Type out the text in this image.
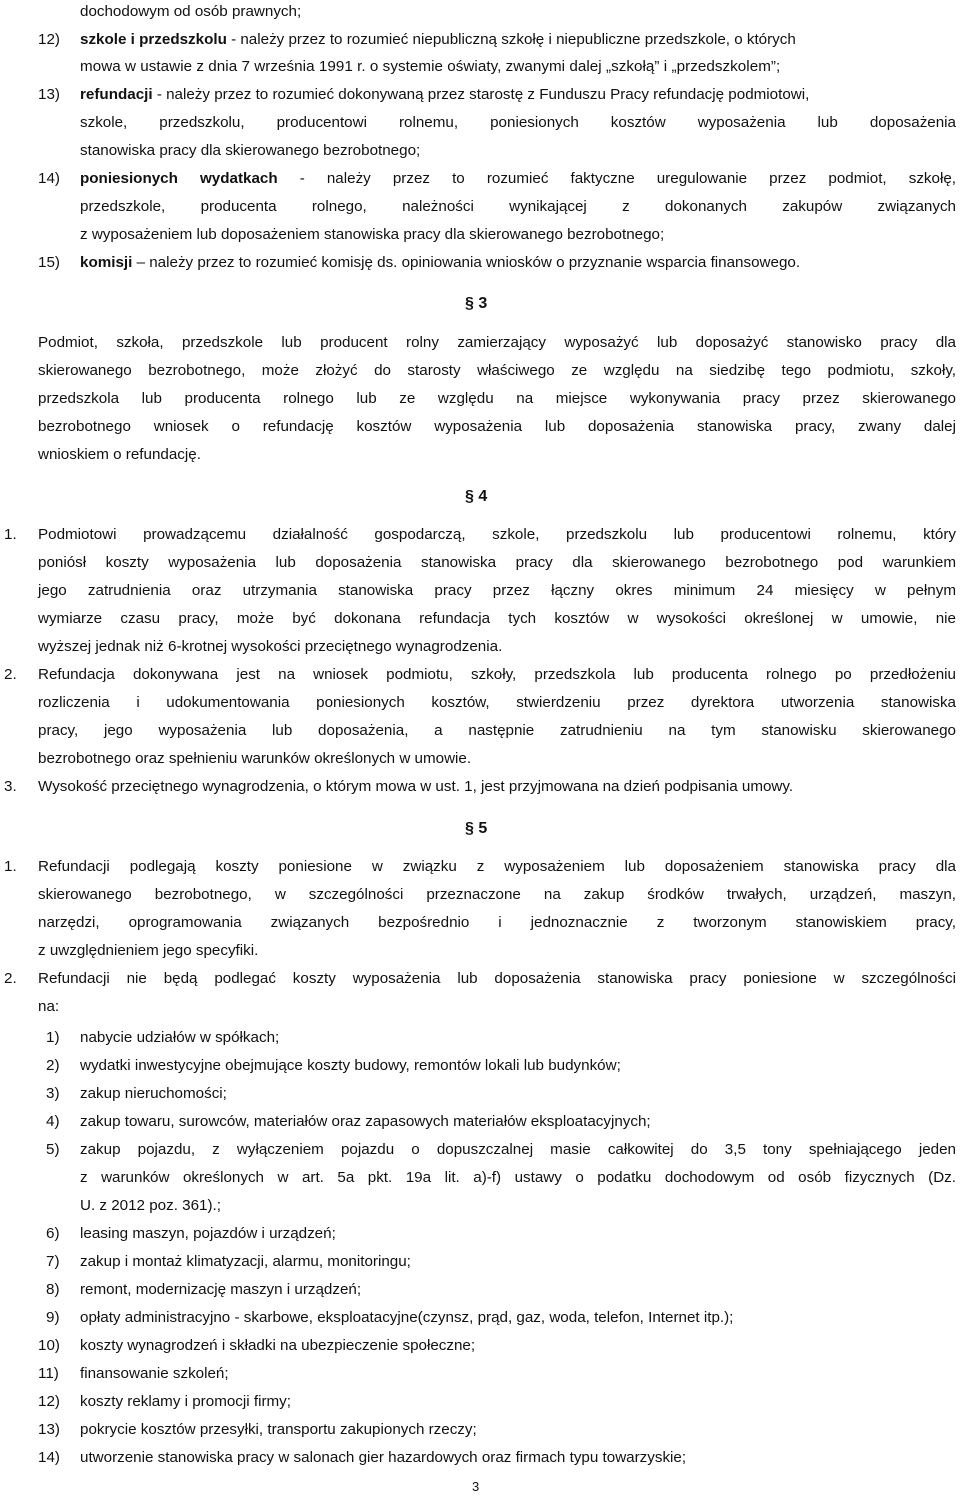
dochodowym od osób prawnych;
12) szkole i przedszkolu - należy przez to rozumieć niepubliczną szkołę i niepubliczne przedszkole, o których
mowa w ustawie z dnia 7 września 1991 r. o systemie oświaty, zwanymi dalej „szkołą” i „przedszkolem”;
13) refundacji - należy przez to rozumieć dokonywaną przez starostę z Funduszu Pracy refundację podmiotowi,
szkole, przedszkolu, producentowi rolnemu, poniesionych kosztów wyposażenia lub doposażenia
stanowiska pracy dla skierowanego bezrobotnego;
14) poniesionych wydatkach - należy przez to rozumieć faktyczne uregulowanie przez podmiot, szkołę,
przedszkole, producenta rolnego, należności wynikającej z dokonanych zakupów związanych
z wyposażeniem lub doposażeniem stanowiska pracy dla skierowanego bezrobotnego;
15) komisji – należy przez to rozumieć komisję ds. opiniowania wniosków o przyznanie wsparcia finansowego.
§ 3
Podmiot, szkoła, przedszkole lub producent rolny zamierzający wyposażyć lub doposażyć stanowisko pracy dla
skierowanego bezrobotnego, może złożyć do starosty właściwego ze względu na siedzibę tego podmiotu, szkoły,
przedszkola lub producenta rolnego lub ze względu na miejsce wykonywania pracy przez skierowanego
bezrobotnego wniosek o refundację kosztów wyposażenia lub doposażenia stanowiska pracy, zwany dalej
wnioskiem o refundację.
§ 4
1. Podmiotowi prowadzącemu działalność gospodarczą, szkole, przedszkolu lub producentowi rolnemu, który
poniósł koszty wyposażenia lub doposażenia stanowiska pracy dla skierowanego bezrobotnego pod warunkiem
jego zatrudnienia oraz utrzymania stanowiska pracy przez łączny okres minimum 24 miesięcy w pełnym
wymiarze czasu pracy, może być dokonana refundacja tych kosztów w wysokości określonej w umowie, nie
wyższej jednak niż 6-krotnej wysokości przeciętnego wynagrodzenia.
2. Refundacja dokonywana jest na wniosek podmiotu, szkoły, przedszkola lub producenta rolnego po przedłożeniu
rozliczenia i udokumentowania poniesionych kosztów, stwierdzeniu przez dyrektora utworzenia stanowiska
pracy, jego wyposażenia lub doposażenia, a następnie zatrudnieniu na tym stanowisku skierowanego
bezrobotnego oraz spełnieniu warunków określonych w umowie.
3. Wysokość przeciętnego wynagrodzenia, o którym mowa w ust. 1, jest przyjmowana na dzień podpisania umowy.
§ 5
1. Refundacji podlegają koszty poniesione w związku z wyposażeniem lub doposażeniem stanowiska pracy dla
skierowanego bezrobotnego, w szczególności przeznaczone na zakup środków trwałych, urządzeń, maszyn,
narzędzi, oprogramowania związanych bezpośrednio i jednoznacznie z tworzonym stanowiskiem pracy,
z uwzględnieniem jego specyfiki.
2. Refundacji nie będą podlegać koszty wyposażenia lub doposażenia stanowiska pracy poniesione w szczególności
na:
1) nabycie udziałów w spółkach;
2) wydatki inwestycyjne obejmujące koszty budowy, remontów lokali lub budynków;
3) zakup nieruchomości;
4) zakup towaru, surowców, materiałów oraz zapasowych materiałów eksploatacyjnych;
5) zakup pojazdu, z wyłączeniem pojazdu o dopuszczalnej masie całkowitej do 3,5 tony spełniającego jeden
z warunków określonych w art. 5a pkt. 19a lit. a)-f) ustawy o podatku dochodowym od osób fizycznych (Dz.
U. z 2012 poz. 361).;
6) leasing maszyn, pojazdów i urządzeń;
7) zakup i montaż klimatyzacji, alarmu, monitoringu;
8) remont, modernizację maszyn i urządzeń;
9) opłaty administracyjno - skarbowe, eksploatacyjne(czynsz, prąd, gaz, woda, telefon, Internet itp.);
10) koszty wynagrodzeń i składki na ubezpieczenie społeczne;
11) finansowanie szkoleń;
12) koszty reklamy i promocji firmy;
13) pokrycie kosztów przesyłki, transportu zakupionych rzeczy;
14) utworzenie stanowiska pracy w salonach gier hazardowych oraz firmach typu towarzyskie;
3
